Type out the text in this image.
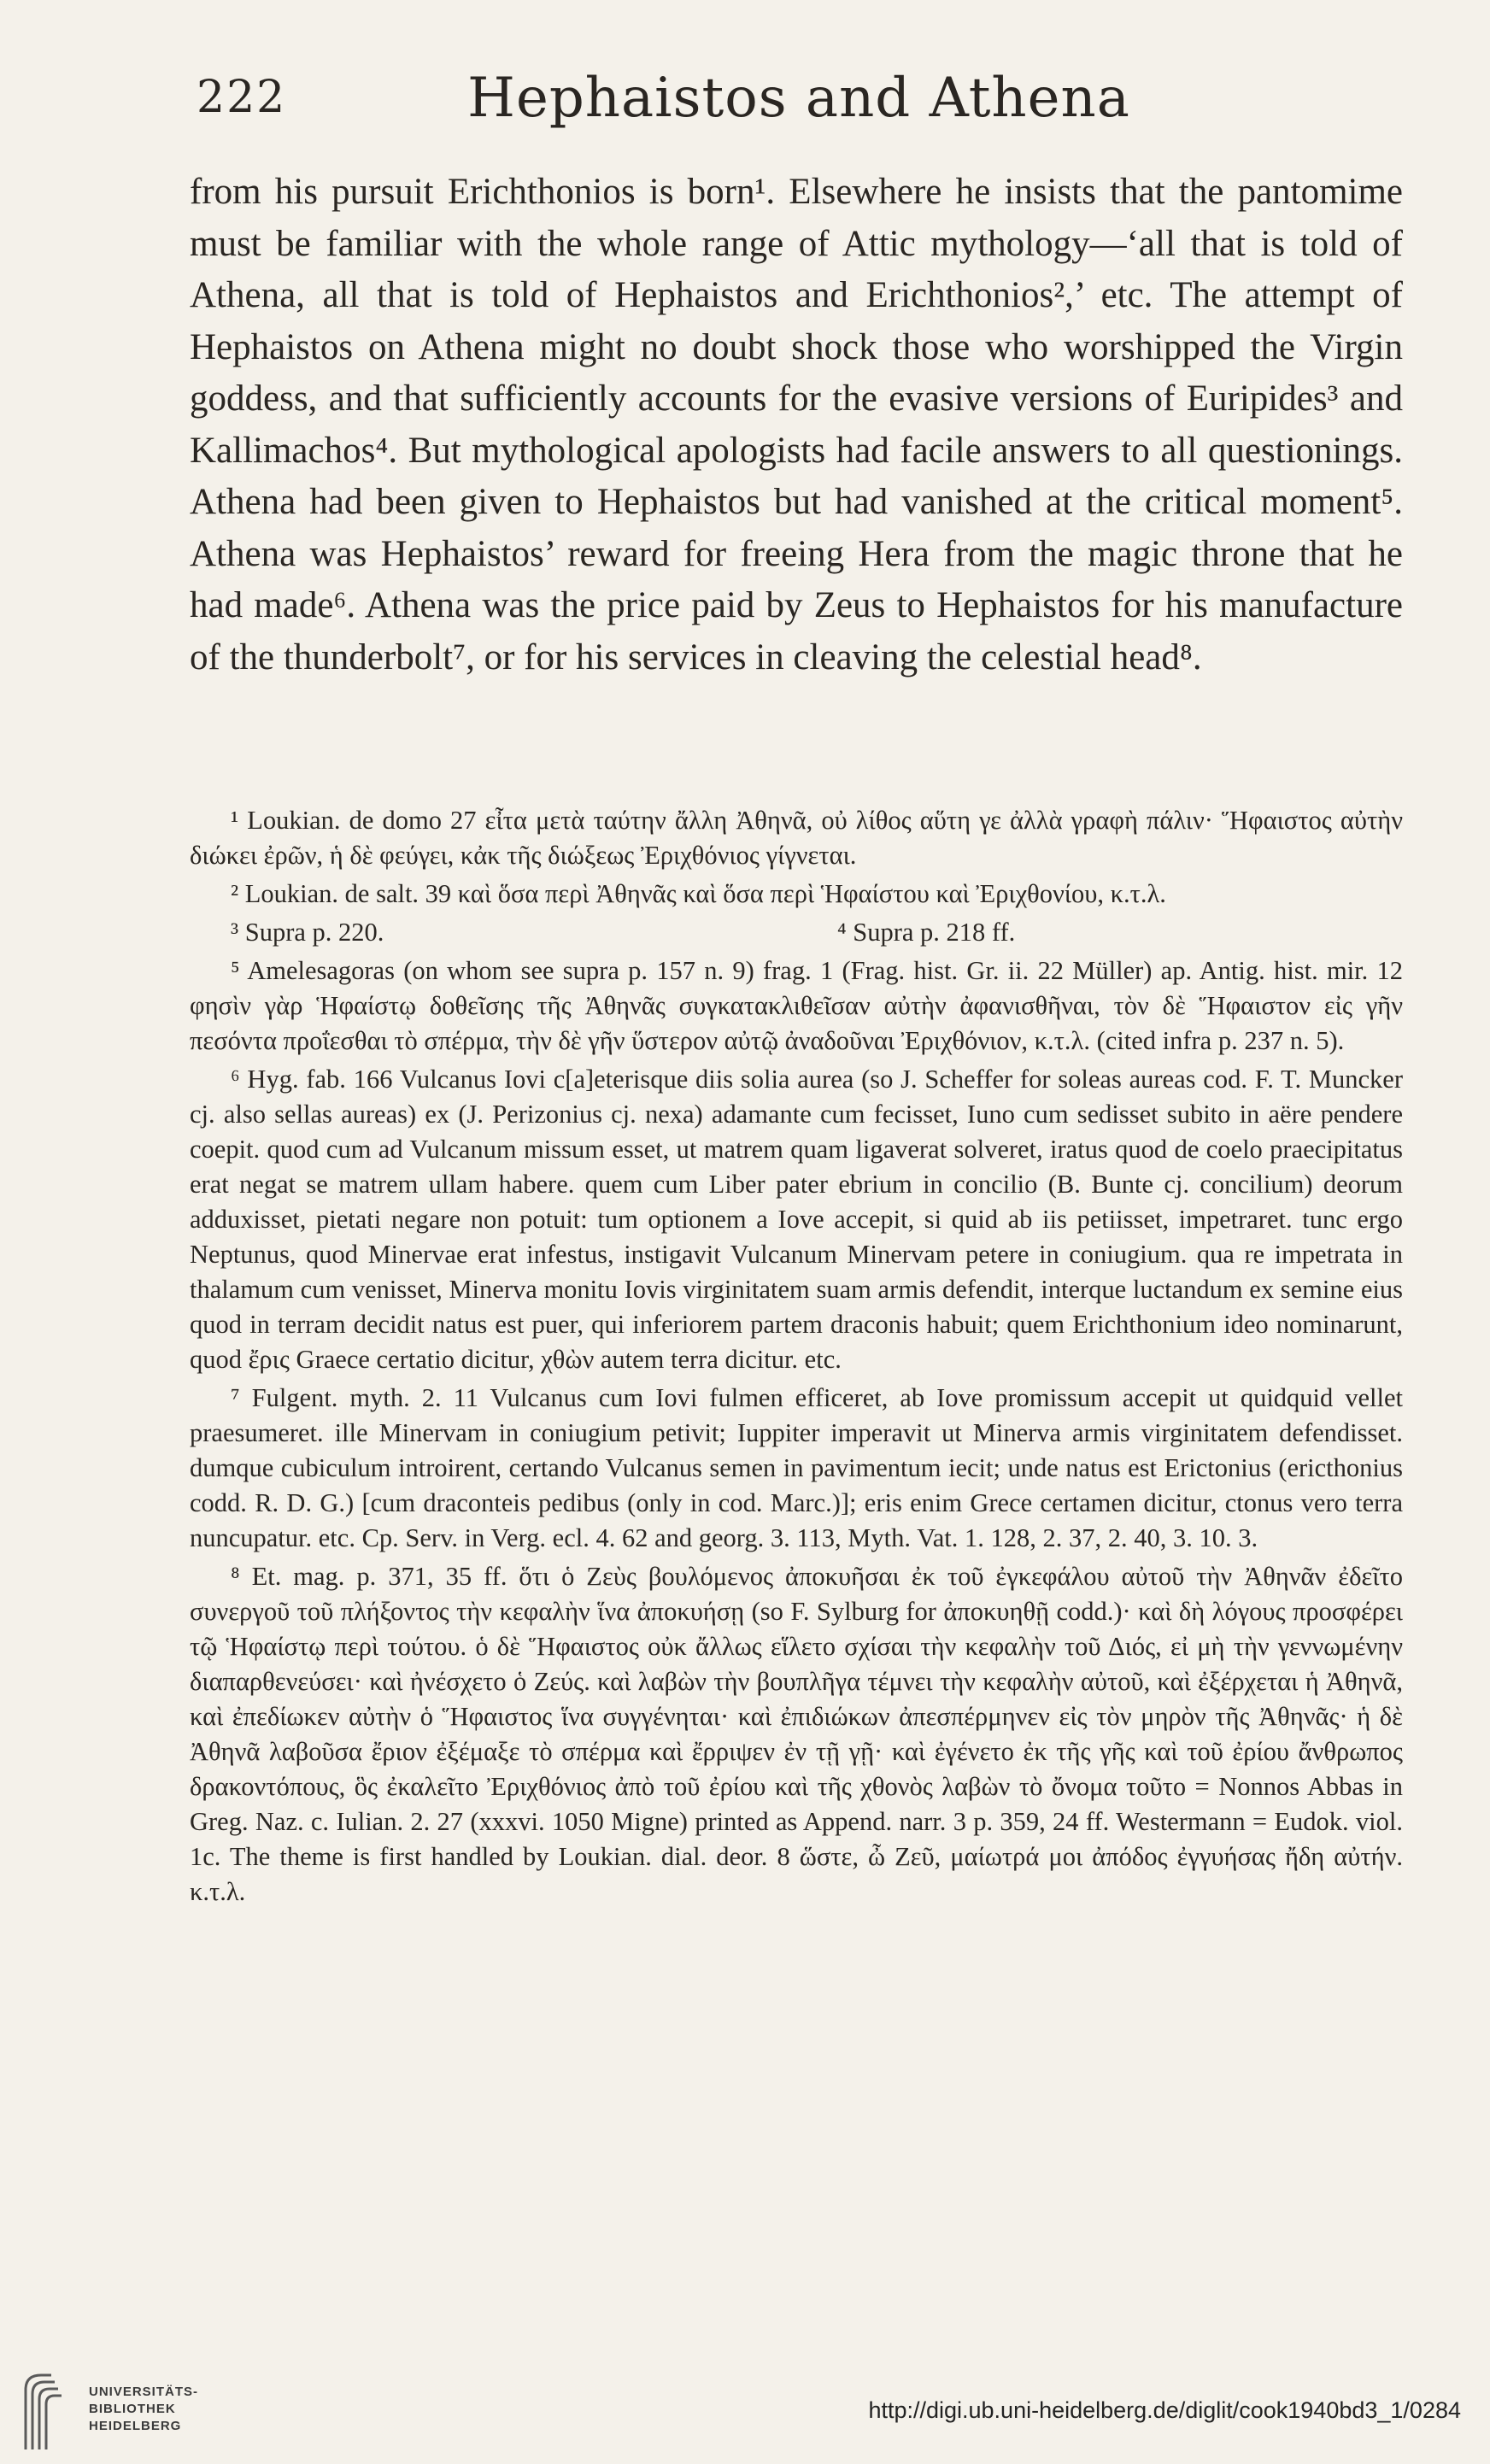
222	Hephaistos and Athena

from his pursuit Erichthonios is born¹. Elsewhere he insists that the pantomime must be familiar with the whole range of Attic mythology—‘all that is told of Athena, all that is told of Hephaistos and Erichthonios²,’ etc. The attempt of Hephaistos on Athena might no doubt shock those who worshipped the Virgin goddess, and that sufficiently accounts for the evasive versions of Euripides³ and Kallimachos⁴. But mythological apologists had facile answers to all questionings. Athena had been given to Hephaistos but had vanished at the critical moment⁵. Athena was Hephaistos’ reward for freeing Hera from the magic throne that he had made⁶. Athena was the price paid by Zeus to Hephaistos for his manufacture of the thunderbolt⁷, or for his services in cleaving the celestial head⁸.

¹ Loukian. de domo 27 εἶτα μετὰ ταύτην ἄλλη Ἀθηνᾶ, οὐ λίθος αὕτη γε ἀλλὰ γραφὴ πάλιν· Ἥφαιστος αὐτὴν διώκει ἐρῶν, ἡ δὲ φεύγει, κἀκ τῆς διώξεως Ἐριχθόνιος γίγνεται.

² Loukian. de salt. 39 καὶ ὅσα περὶ Ἀθηνᾶς καὶ ὅσα περὶ Ἡφαίστου καὶ Ἐριχθονίου, κ.τ.λ.

³ Supra p. 220.	⁴ Supra p. 218 ff.

⁵ Amelesagoras (on whom see supra p. 157 n. 9) frag. 1 (Frag. hist. Gr. ii. 22 Müller) ap. Antig. hist. mir. 12 φησὶν γὰρ Ἡφαίστῳ δοθεῖσης τῆς Ἀθηνᾶς συγκατακλιθεῖσαν αὐτὴν ἀφανισθῆναι, τὸν δὲ Ἥφαιστον εἰς γῆν πεσόντα προΐεσθαι τὸ σπέρμα, τὴν δὲ γῆν ὕστερον αὐτῷ ἀναδοῦναι Ἐριχθόνιον, κ.τ.λ. (cited infra p. 237 n. 5).

⁶ Hyg. fab. 166 Vulcanus Iovi c[a]eterisque diis solia aurea (so J. Scheffer for soleas aureas cod. F. T. Muncker cj. also sellas aureas) ex (J. Perizonius cj. nexa) adamante cum fecisset, Iuno cum sedisset subito in aëre pendere coepit. quod cum ad Vulcanum missum esset, ut matrem quam ligaverat solveret, iratus quod de coelo praecipitatus erat negat se matrem ullam habere. quem cum Liber pater ebrium in concilio (B. Bunte cj. concilium) deorum adduxisset, pietati negare non potuit: tum optionem a Iove accepit, si quid ab iis petiisset, impetraret. tunc ergo Neptunus, quod Minervae erat infestus, instigavit Vulcanum Minervam petere in coniugium. qua re impetrata in thalamum cum venisset, Minerva monitu Iovis virginitatem suam armis defendit, interque luctandum ex semine eius quod in terram decidit natus est puer, qui inferiorem partem draconis habuit; quem Erichthonium ideo nominarunt, quod ἔρις Graece certatio dicitur, χθὼν autem terra dicitur. etc.

⁷ Fulgent. myth. 2. 11 Vulcanus cum Iovi fulmen efficeret, ab Iove promissum accepit ut quidquid vellet praesumeret. ille Minervam in coniugium petivit; Iuppiter imperavit ut Minerva armis virginitatem defendisset. dumque cubiculum introirent, certando Vulcanus semen in pavimentum iecit; unde natus est Erictonius (ericthonius codd. R. D. G.) [cum draconteis pedibus (only in cod. Marc.)]; eris enim Grece certamen dicitur, ctonus vero terra nuncupatur. etc. Cp. Serv. in Verg. ecl. 4. 62 and georg. 3. 113, Myth. Vat. 1. 128, 2. 37, 2. 40, 3. 10. 3.

⁸ Et. mag. p. 371, 35 ff. ὅτι ὁ Ζεὺς βουλόμενος ἀποκυῆσαι ἐκ τοῦ ἐγκεφάλου αὐτοῦ τὴν Ἀθηνᾶν ἐδεῖτο συνεργοῦ τοῦ πλήξοντος τὴν κεφαλὴν ἵνα ἀποκυήσῃ (so F. Sylburg for ἀποκυηθῇ codd.)· καὶ δὴ λόγους προσφέρει τῷ Ἡφαίστῳ περὶ τούτου. ὁ δὲ Ἥφαιστος οὐκ ἄλλως εἵλετο σχίσαι τὴν κεφαλὴν τοῦ Διός, εἰ μὴ τὴν γεννωμένην διαπαρθενεύσει· καὶ ἠνέσχετο ὁ Ζεύς. καὶ λαβὼν τὴν βουπλῆγα τέμνει τὴν κεφαλὴν αὐτοῦ, καὶ ἐξέρχεται ἡ Ἀθηνᾶ, καὶ ἐπεδίωκεν αὐτὴν ὁ Ἥφαιστος ἵνα συγγένηται· καὶ ἐπιδιώκων ἀπεσπέρμηνεν εἰς τὸν μηρὸν τῆς Ἀθηνᾶς· ἡ δὲ Ἀθηνᾶ λαβοῦσα ἔριον ἐξέμαξε τὸ σπέρμα καὶ ἔρριψεν ἐν τῇ γῇ· καὶ ἐγένετο ἐκ τῆς γῆς καὶ τοῦ ἐρίου ἄνθρωπος δρακοντόπους, ὃς ἐκαλεῖτο Ἐριχθόνιος ἀπὸ τοῦ ἐρίου καὶ τῆς χθονὸς λαβὼν τὸ ὄνομα τοῦτο = Nonnos Abbas in Greg. Naz. c. Iulian. 2. 27 (xxxvi. 1050 Migne) printed as Append. narr. 3 p. 359, 24 ff. Westermann = Eudok. viol. 1c. The theme is first handled by Loukian. dial. deor. 8 ὥστε, ὦ Ζεῦ, μαίωτρά μοι ἀπόδος ἐγγυήσας ἤδη αὐτήν. κ.τ.λ.

UNIVERSITÄTS-
BIBLIOTHEK
HEIDELBERG
http://digi.ub.uni-heidelberg.de/diglit/cook1940bd3_1/0284
